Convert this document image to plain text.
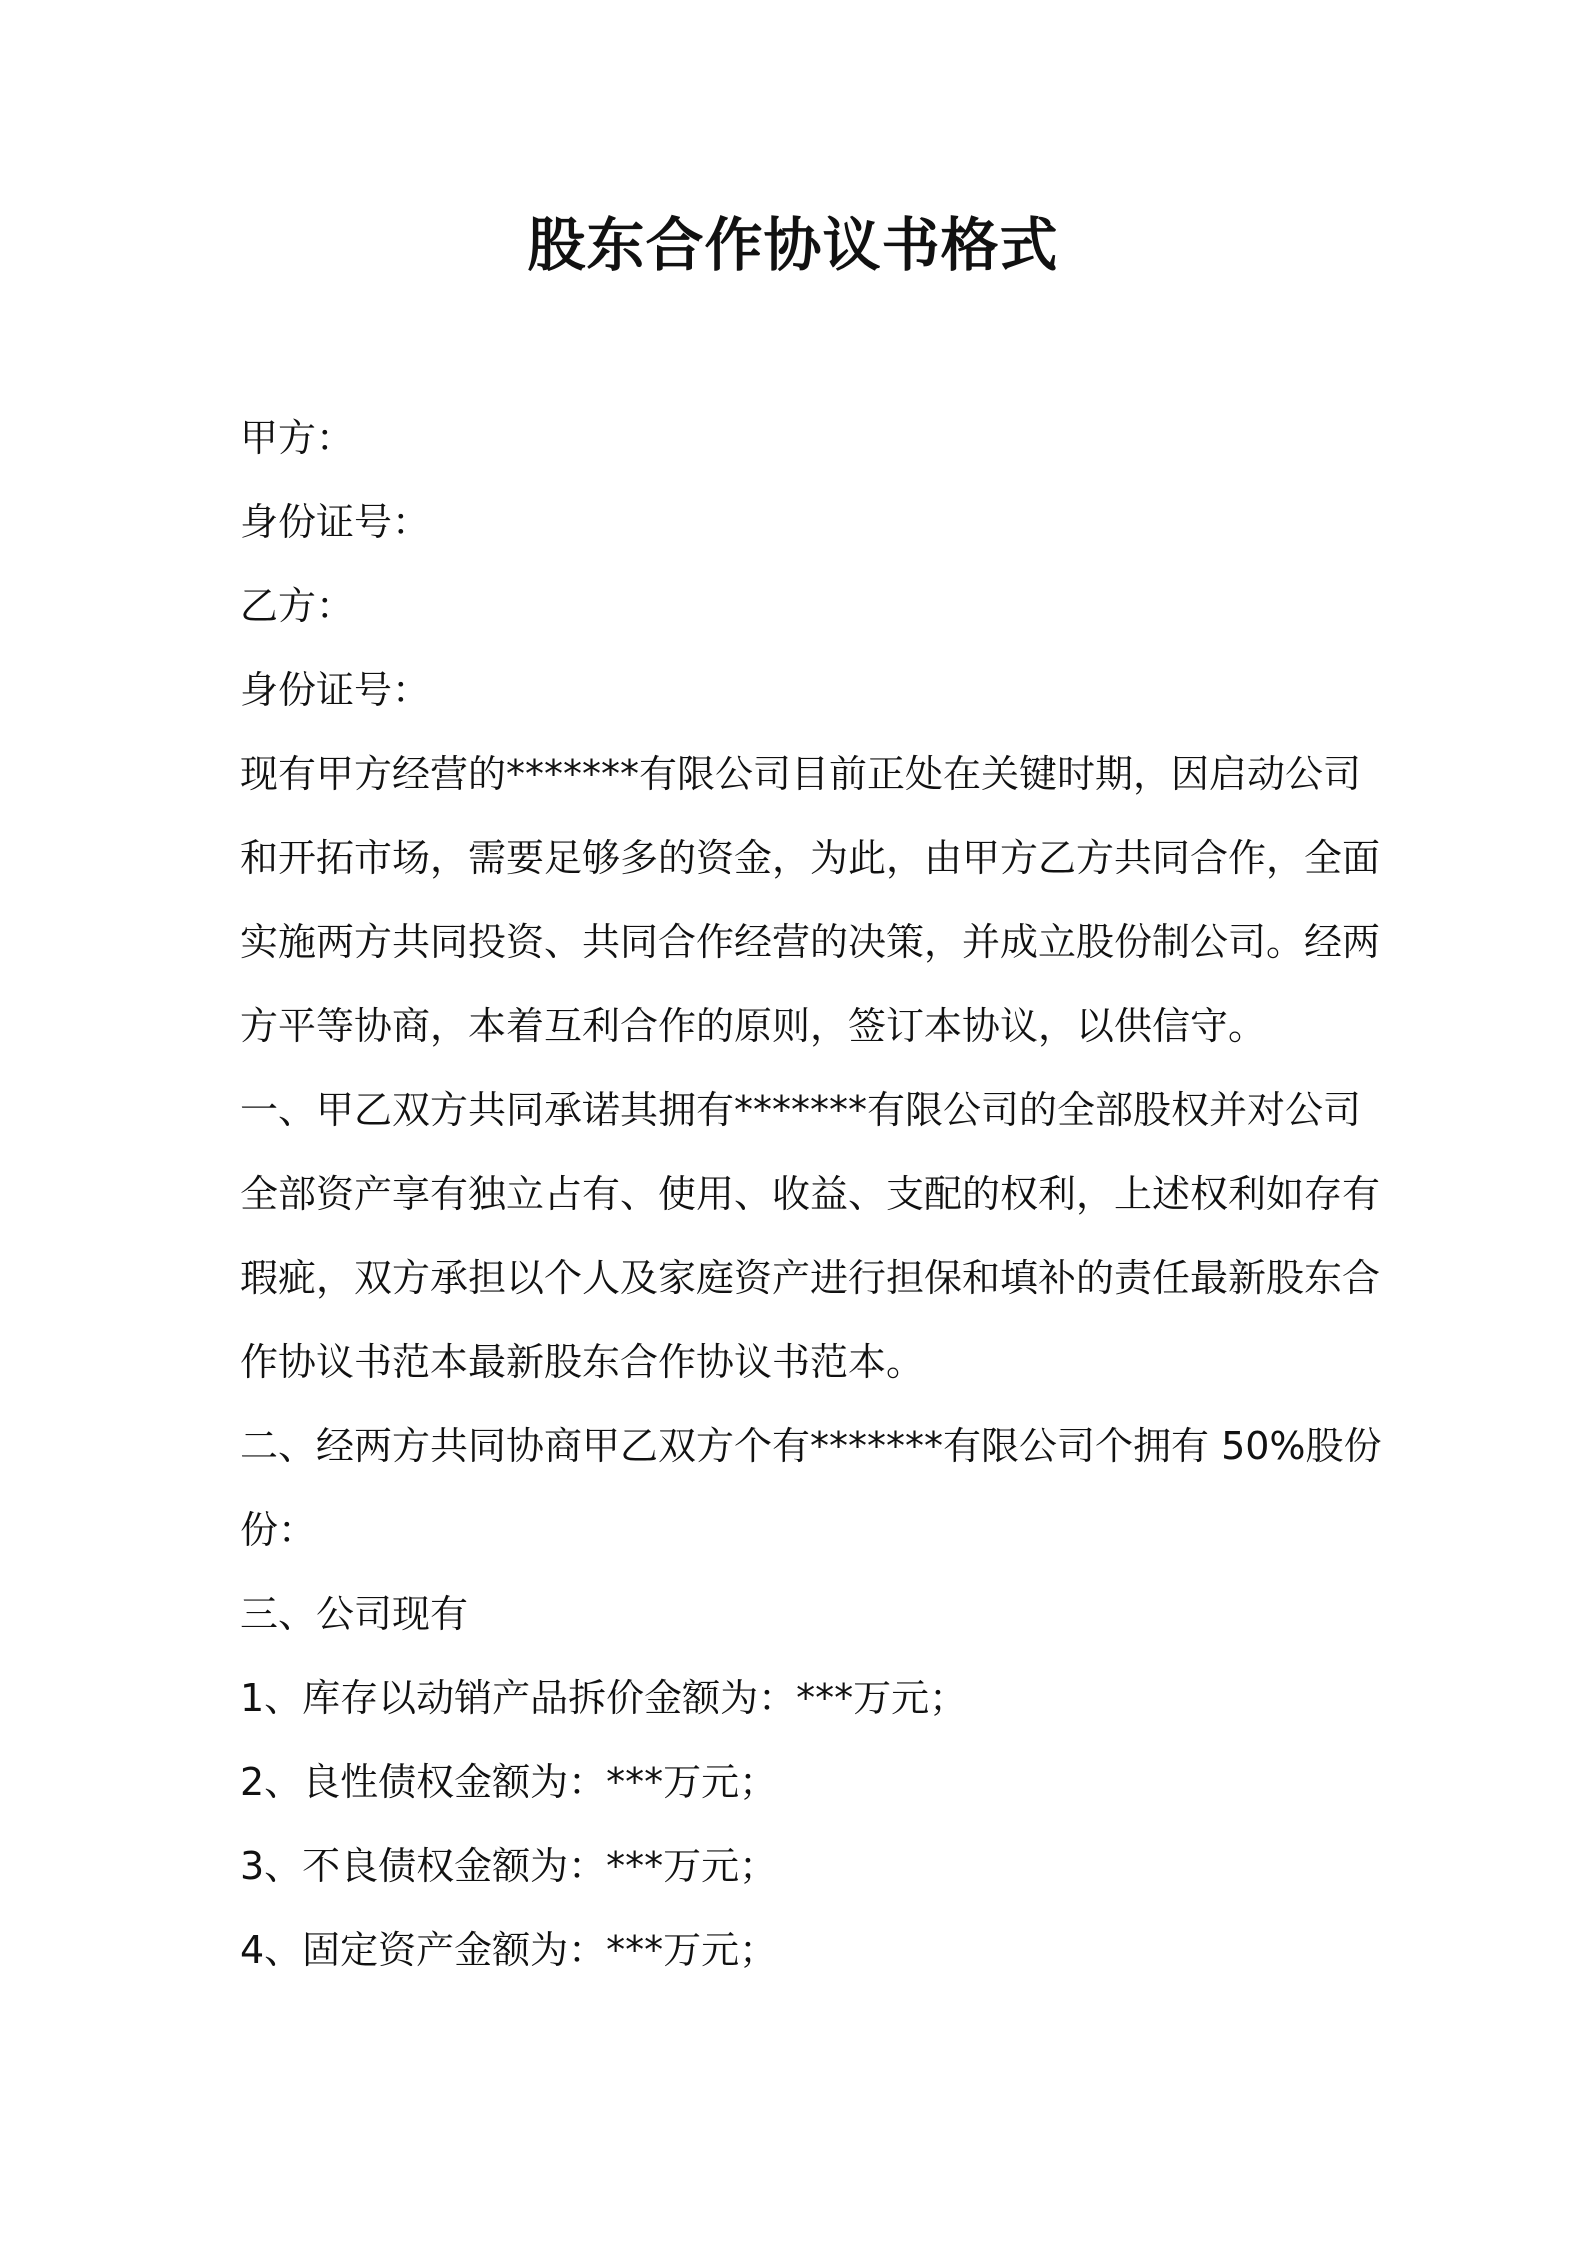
股东合作协议书格式
甲方：
身份证号：
乙方：
身份证号：
现有甲方经营的*******有限公司目前正处在关键时期，因启动公司
和开拓市场，需要足够多的资金，为此，由甲方乙方共同合作，全面
实施两方共同投资、共同合作经营的决策，并成立股份制公司。经两
方平等协商，本着互利合作的原则，签订本协议，以供信守。
一、甲乙双方共同承诺其拥有*******有限公司的全部股权并对公司
全部资产享有独立占有、使用、收益、支配的权利，上述权利如存有
瑕疵，双方承担以个人及家庭资产进行担保和填补的责任最新股东合
作协议书范本最新股东合作协议书范本。
二、经两方共同协商甲乙双方个有*******有限公司个拥有 50%股份
份：
三、公司现有
1、库存以动销产品拆价金额为：***万元；
2、良性债权金额为：***万元；
3、不良债权金额为：***万元；
4、固定资产金额为：***万元；
